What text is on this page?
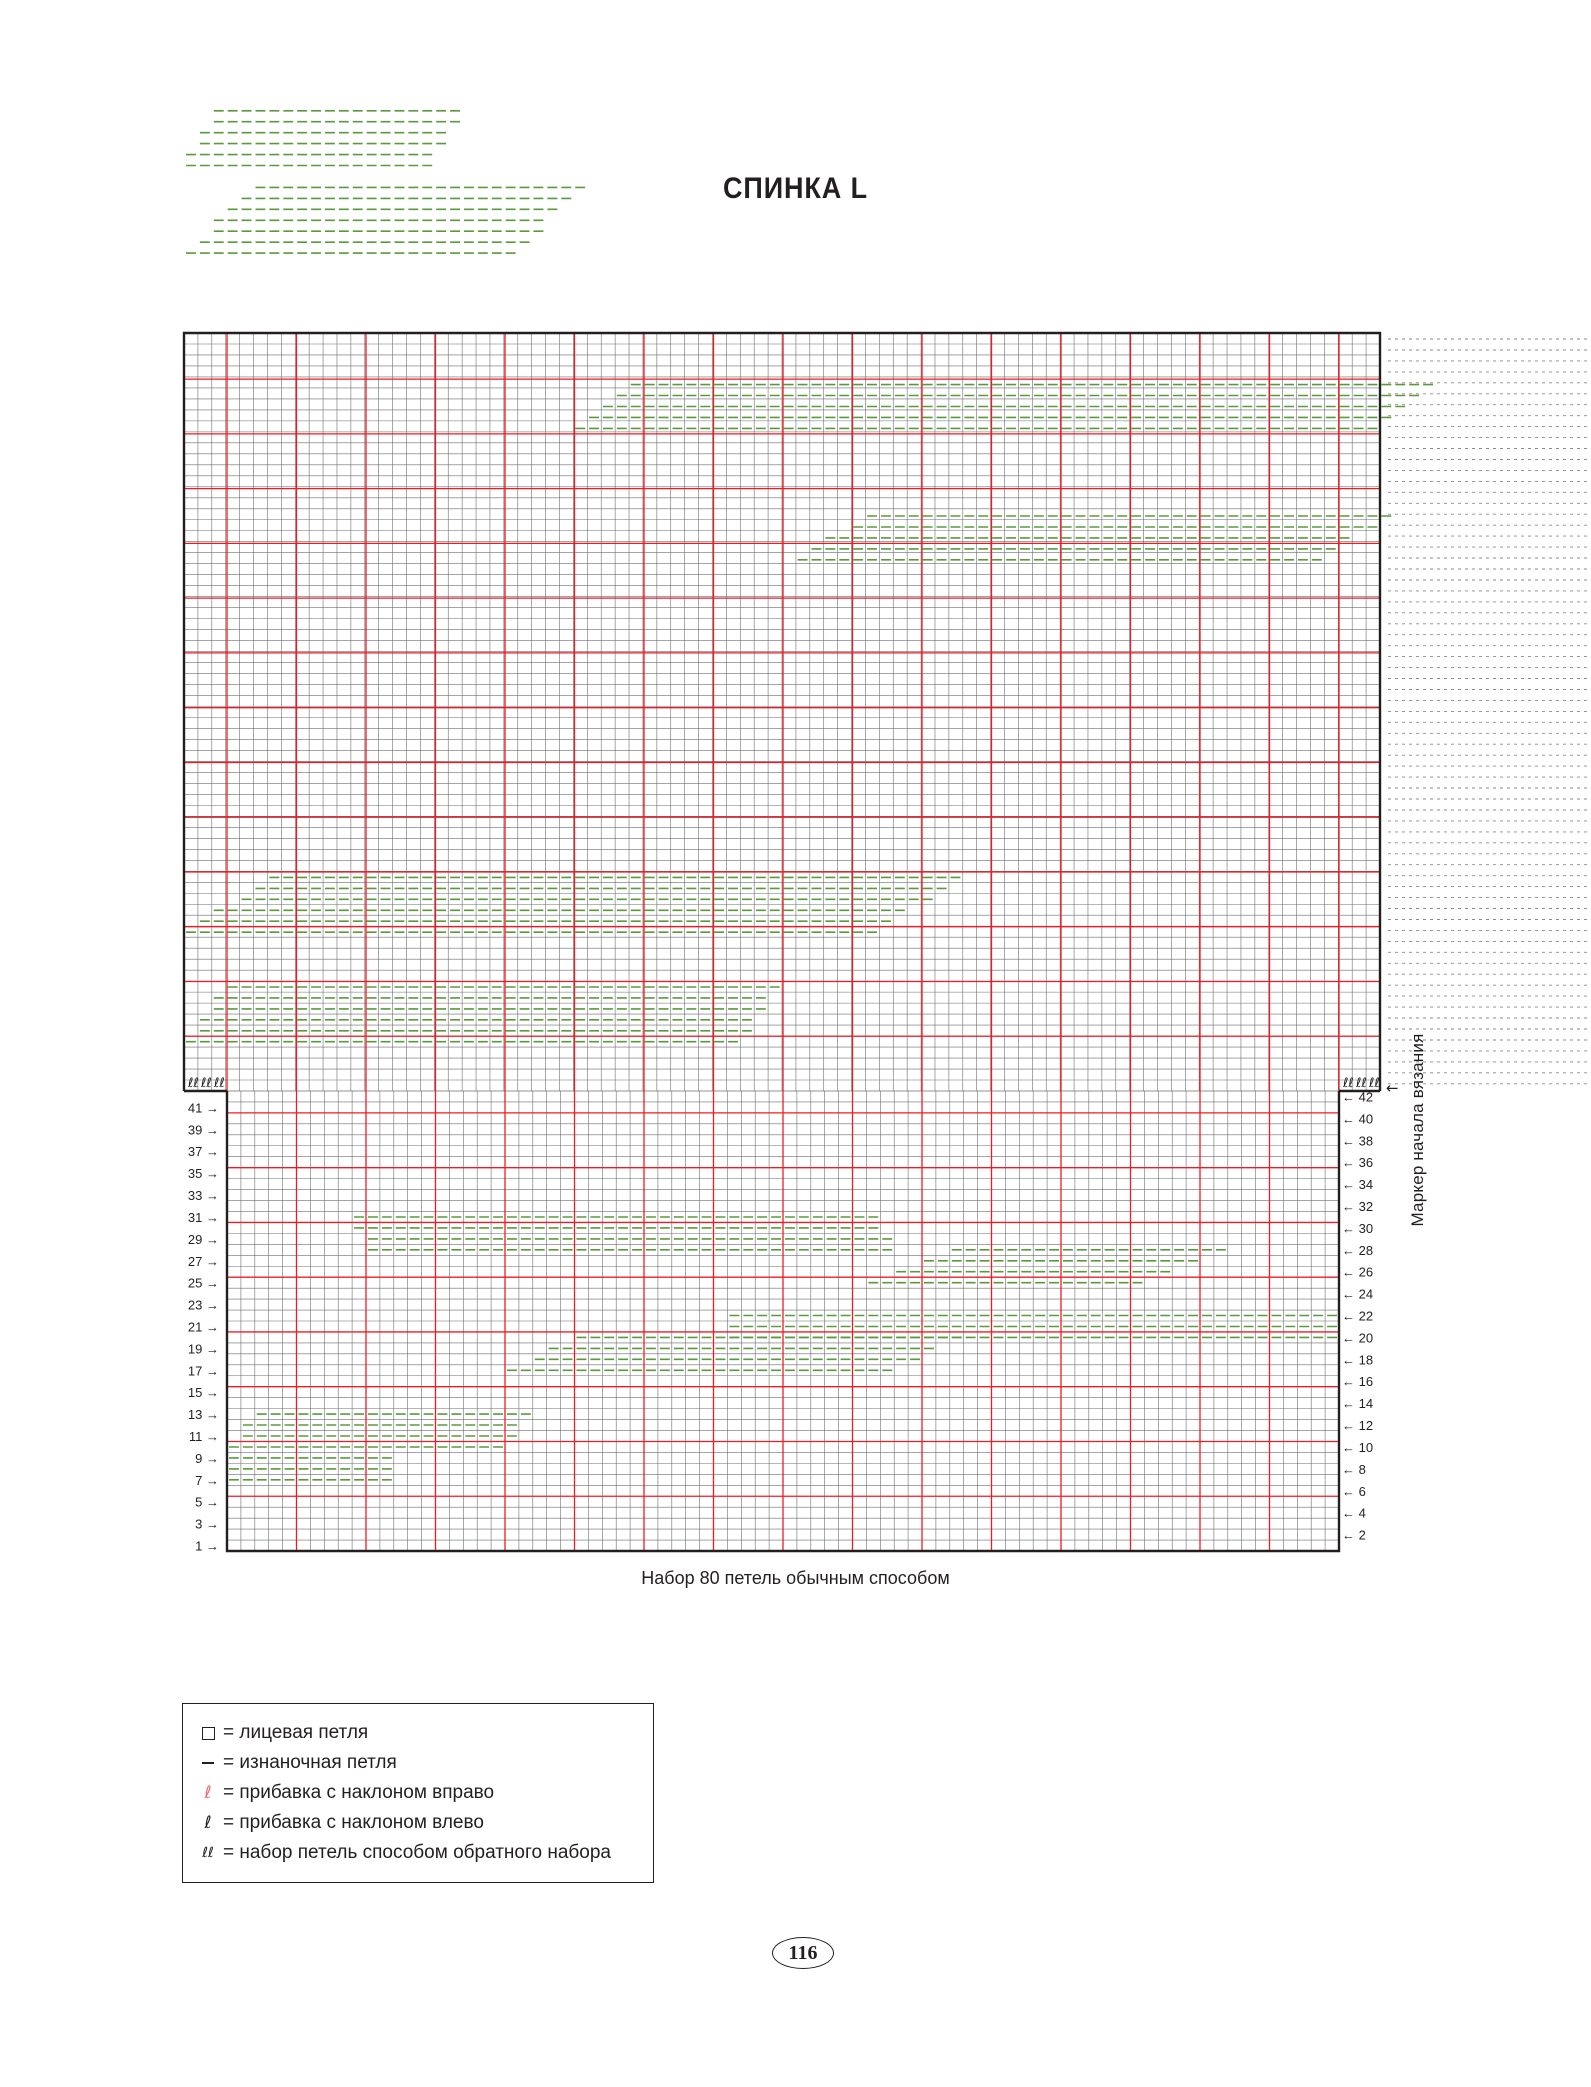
СПИНКА L
ℓℓ ℓℓ ℓℓ	ℓℓ ℓℓ ℓℓ ←
41 →
39 →
37 →
35 →
33 →
31 →
29 →
27 →
25 →
23 →
21 →
19 →
17 →
15 →
13 →
11 →
9 →
7 →
5 →
3 →
1 →
← 42
← 40
← 38
← 36
← 34
← 32
← 30
← 28
← 26
← 24
← 22
← 20
← 18
← 16
← 14
← 12
← 10
← 8
← 6
← 4
← 2
Маркер начала вязания
Набор 80 петель обычным способом
= лицевая петля
= изнаночная петля
ℓ = прибавка с наклоном вправо
ℓ = прибавка с наклоном влево
ℓℓ = набор петель способом обратного набора
116
